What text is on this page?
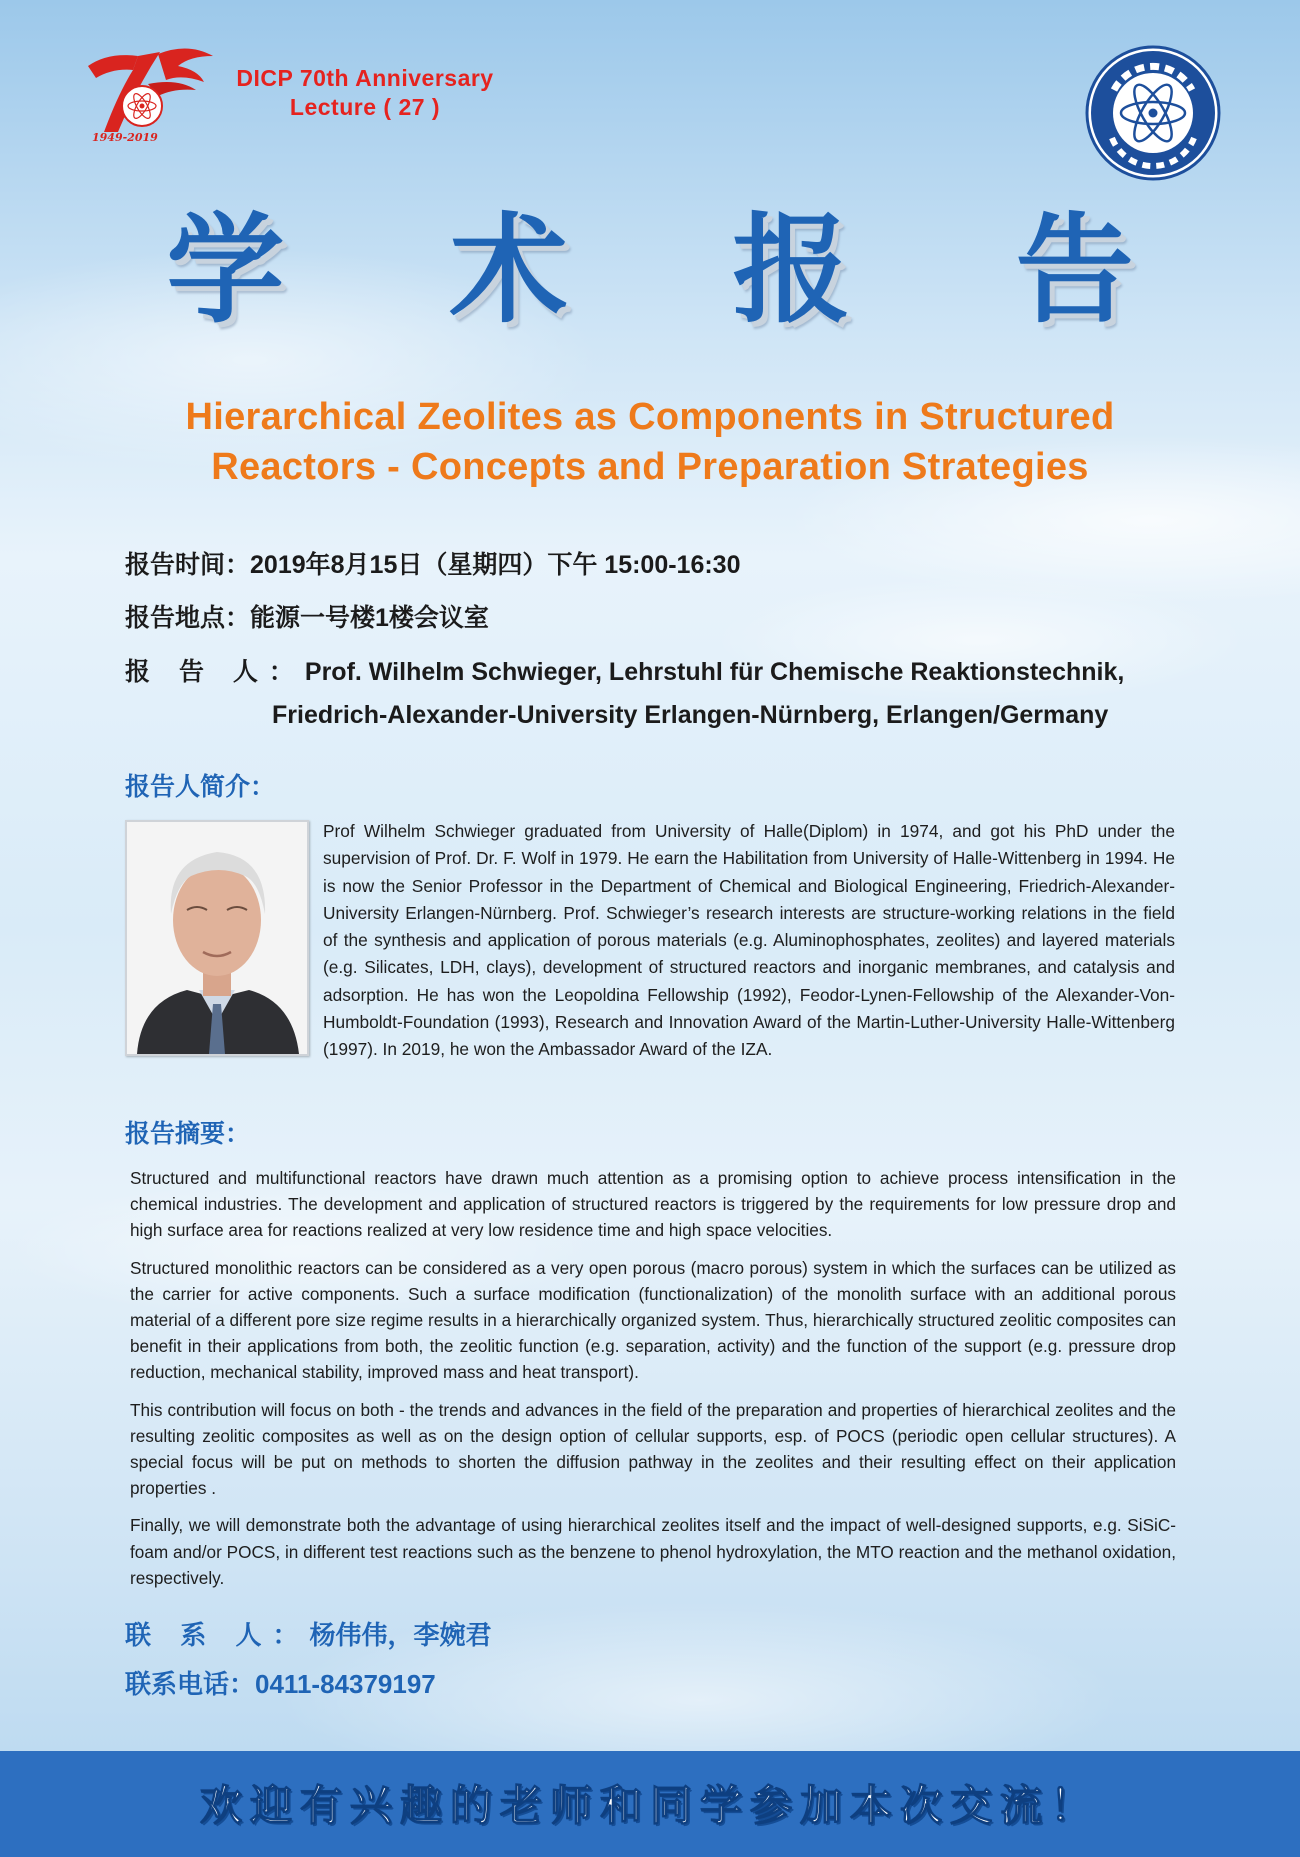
1949-2019
DICP 70th Anniversary
Lecture ( 27 )
学 术 报 告
Hierarchical Zeolites as Components in Structured
Reactors - Concepts and Preparation Strategies
报告时间：2019年8月15日（星期四）下午 15:00-16:30
报告地点：能源一号楼1楼会议室
报 告 人：Prof. Wilhelm Schwieger, Lehrstuhl für Chemische Reaktionstechnik,
Friedrich-Alexander-University Erlangen-Nürnberg, Erlangen/Germany
报告人简介：
Prof Wilhelm Schwieger graduated from University of Halle(Diplom) in 1974, and got his PhD under the supervision of Prof. Dr. F. Wolf in 1979. He earn the Habilitation from University of Halle-Wittenberg in 1994. He is now the Senior Professor in the Department of Chemical and Biological Engineering, Friedrich-Alexander-University Erlangen-Nürnberg. Prof. Schwieger’s research interests are structure-working relations in the field of the synthesis and application of porous materials (e.g. Aluminophosphates, zeolites) and layered materials (e.g. Silicates, LDH, clays), development of structured reactors and inorganic membranes, and catalysis and adsorption. He has won the Leopoldina Fellowship (1992), Feodor-Lynen-Fellowship of the Alexander-Von-Humboldt-Foundation (1993), Research and Innovation Award of the Martin-Luther-University Halle-Wittenberg (1997). In 2019, he won the Ambassador Award of the IZA.
报告摘要：

Structured and multifunctional reactors have drawn much attention as a promising option to achieve process intensification in the chemical industries. The development and application of structured reactors is triggered by the requirements for low pressure drop and high surface area for reactions realized at very low residence time and high space velocities.

Structured monolithic reactors can be considered as a very open porous (macro porous) system in which the surfaces can be utilized as the carrier for active components. Such a surface modification (functionalization) of the monolith surface with an additional porous material of a different pore size regime results in a hierarchically organized system. Thus, hierarchically structured zeolitic composites can benefit in their applications from both, the zeolitic function (e.g. separation, activity) and the function of the support (e.g. pressure drop reduction, mechanical stability, improved mass and heat transport).

This contribution will focus on both - the trends and advances in the field of the preparation and properties of hierarchical zeolites and the resulting zeolitic composites as well as on the design option of cellular supports, esp. of POCS (periodic open cellular structures). A special focus will be put on methods to shorten the diffusion pathway in the zeolites and their resulting effect on their application properties .

Finally, we will demonstrate both the advantage of using hierarchical zeolites itself and the impact of well-designed supports, e.g. SiSiC-foam and/or POCS, in different test reactions such as the benzene to phenol hydroxylation, the MTO reaction and the methanol oxidation, respectively.

联 系 人：杨伟伟，李婉君
联系电话：0411-84379197
欢迎有兴趣的老师和同学参加本次交流！
